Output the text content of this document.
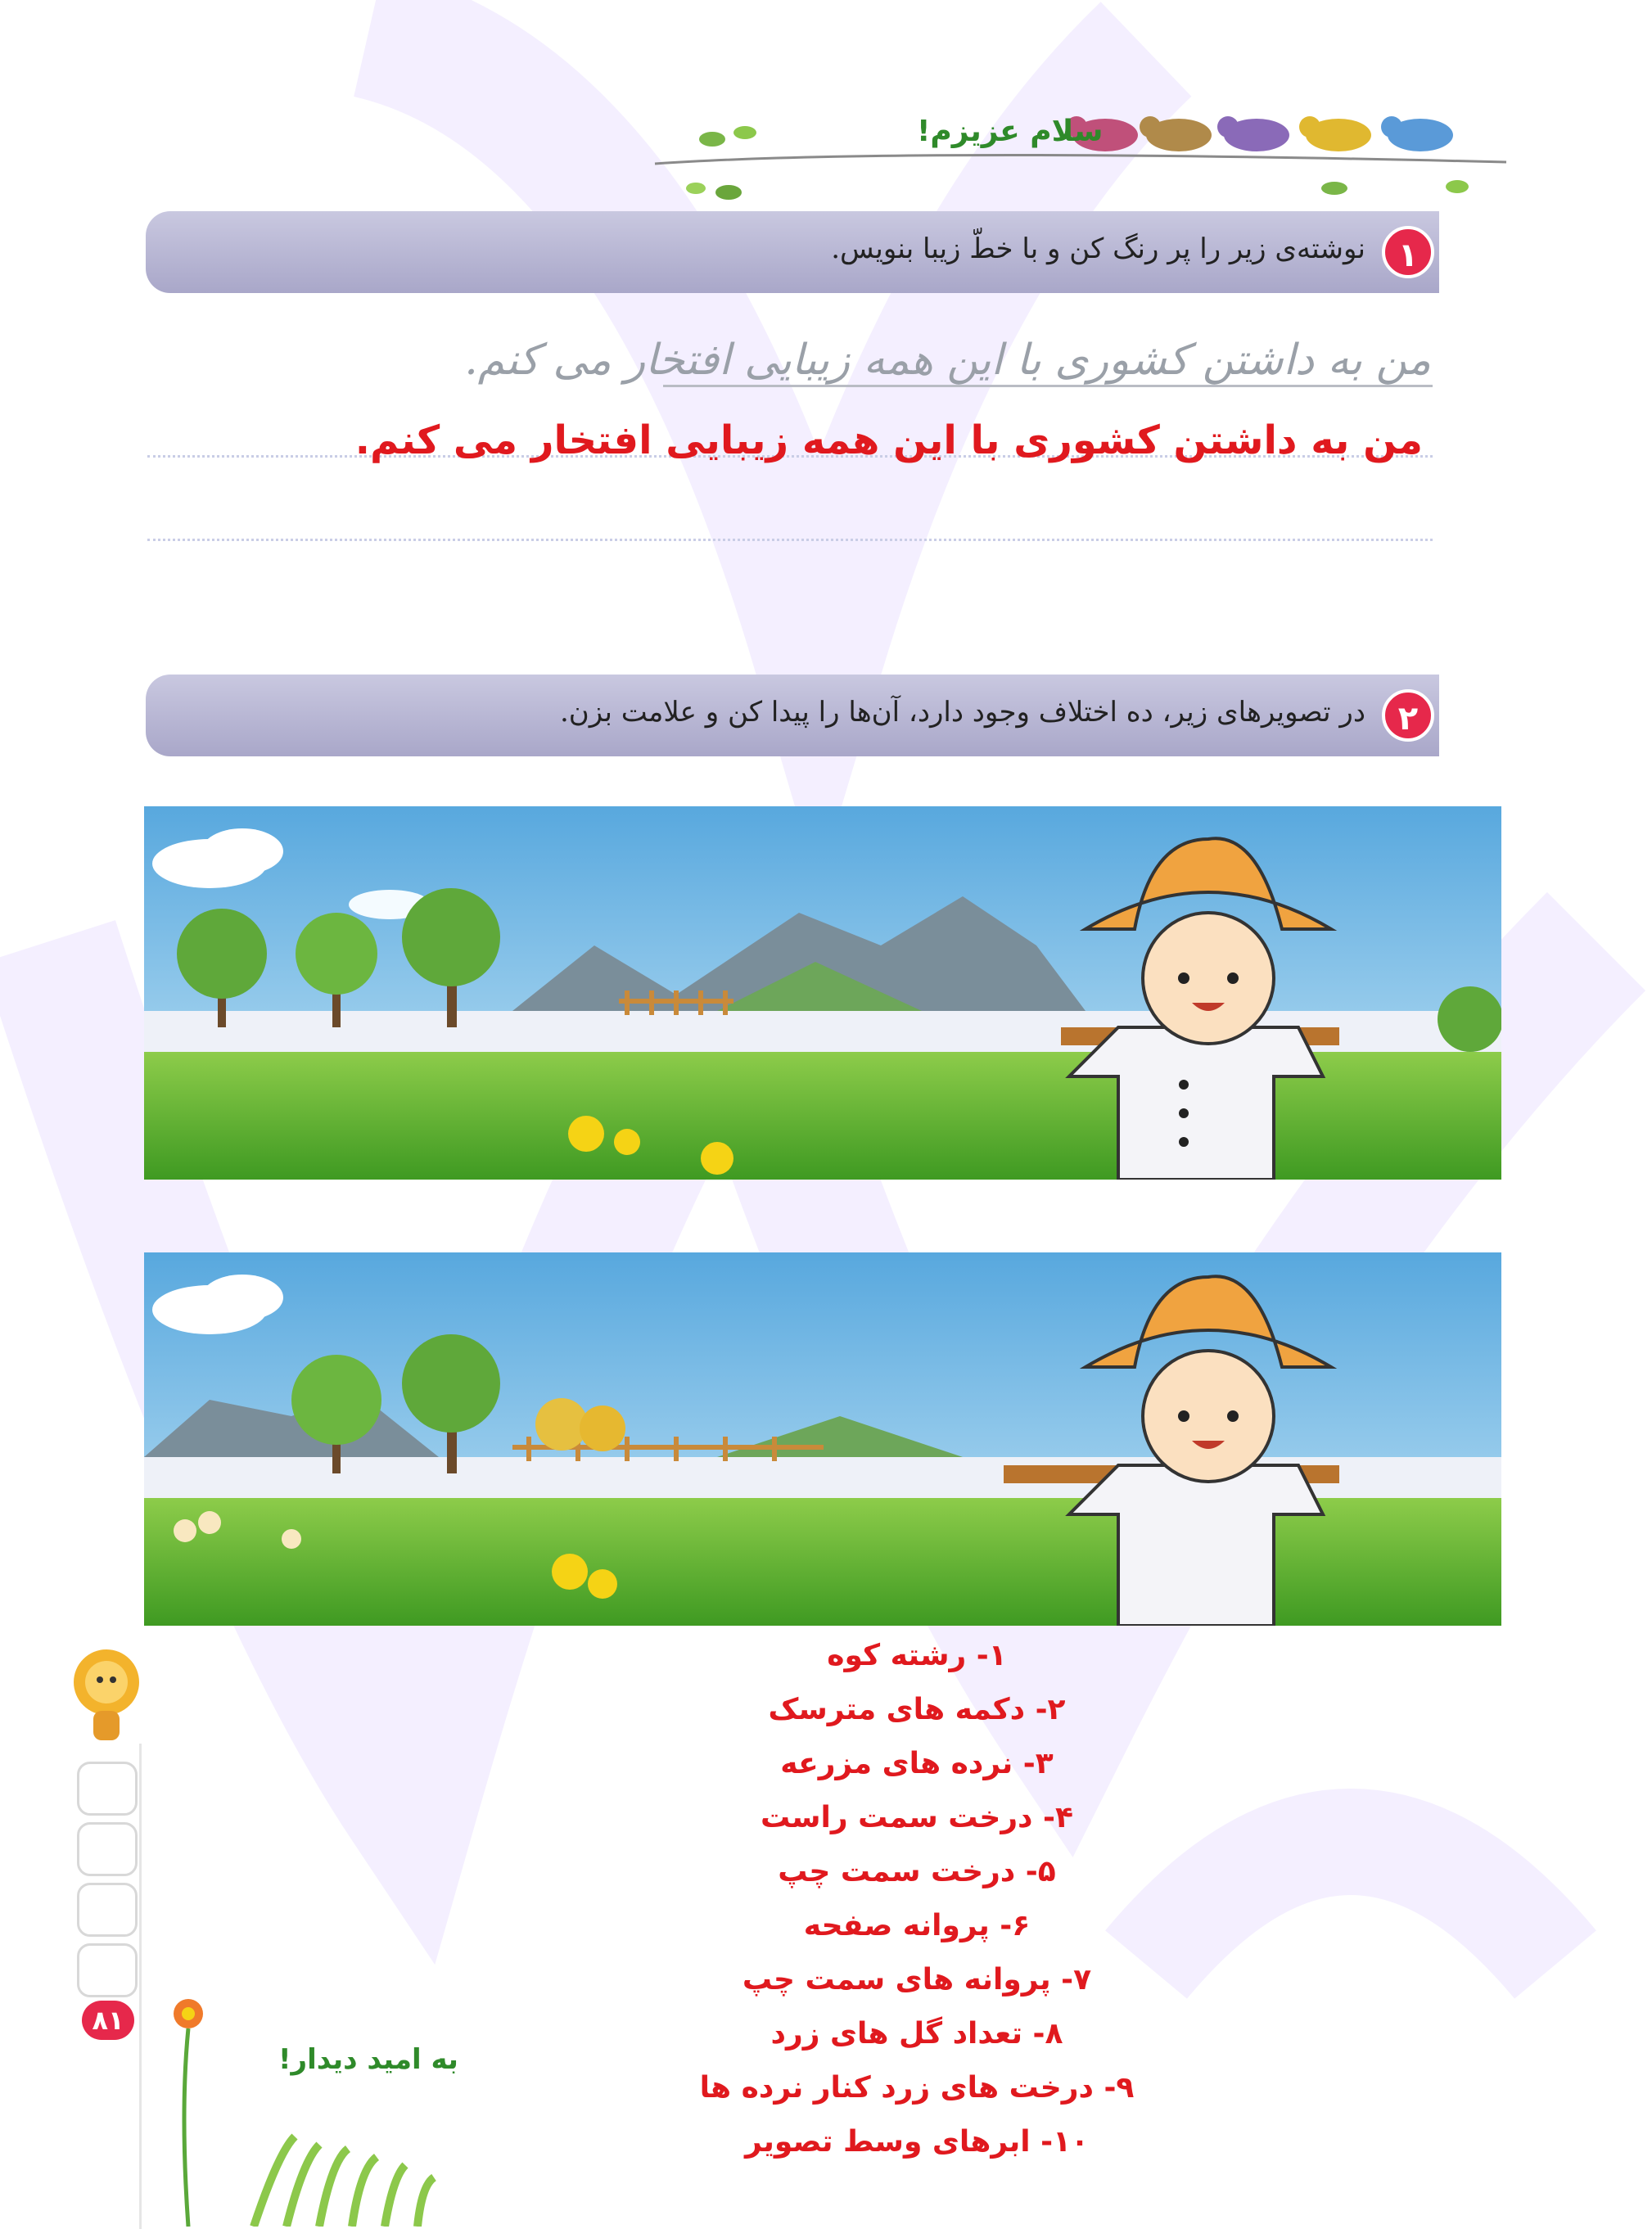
سلام عزیزم!
۱
نوشته‌ی زیر را پر رنگ کن و با خطّ زیبا بنویس.
من به داشتن کشوری با این همه زیبایی افتخار می کنم.
من به داشتن کشوری با این همه زیبایی افتخار می کنم.
۲
در تصویرهای زیر، ده اختلاف وجود دارد، آن‌ها را پیدا کن و علامت بزن.
۱- رشته کوه
۲- دکمه های مترسک
۳- نرده های مزرعه
۴- درخت سمت راست
۵- درخت سمت چپ
۶- پروانه صفحه
۷- پروانه های سمت چپ
۸- تعداد گل های زرد
۹- درخت های زرد کنار نرده ها
۱۰- ابرهای وسط تصویر
۸۱
به امید دیدار!
